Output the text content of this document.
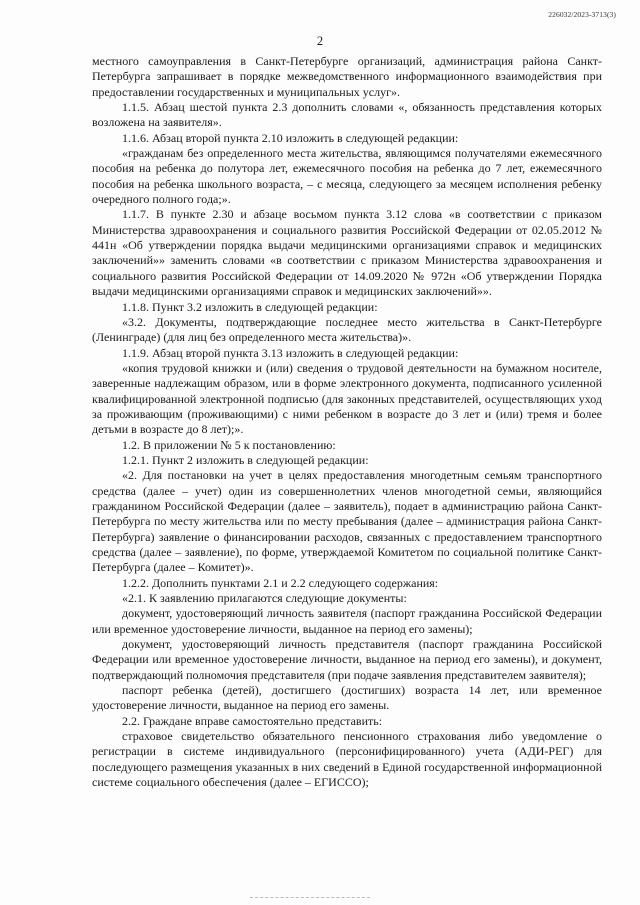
226032/2023-3713(3)
2

местного самоуправления в Санкт-Петербурге организаций, администрация района Санкт-Петербурга запрашивает в порядке межведомственного информационного взаимодействия при предоставлении государственных и муниципальных услуг».

1.1.5. Абзац шестой пункта 2.3 дополнить словами «, обязанность представления которых возложена на заявителя».

1.1.6. Абзац второй пункта 2.10 изложить в следующей редакции:

«гражданам без определенного места жительства, являющимся получателями ежемесячного пособия на ребенка до полутора лет, ежемесячного пособия на ребенка до 7 лет, ежемесячного пособия на ребенка школьного возраста, – с месяца, следующего за месяцем исполнения ребенку очередного полного года;».

1.1.7. В пункте 2.30 и абзаце восьмом пункта 3.12 слова «в соответствии с приказом Министерства здравоохранения и социального развития Российской Федерации от 02.05.2012 № 441н «Об утверждении порядка выдачи медицинскими организациями справок и медицинских заключений»» заменить словами «в соответствии с приказом Министерства здравоохранения и социального развития Российской Федерации от 14.09.2020 № 972н «Об утверждении Порядка выдачи медицинскими организациями справок и медицинских заключений»».

1.1.8. Пункт 3.2 изложить в следующей редакции:

«3.2. Документы, подтверждающие последнее место жительства в Санкт-Петербурге (Ленинграде) (для лиц без определенного места жительства)».

1.1.9. Абзац второй пункта 3.13 изложить в следующей редакции:

«копия трудовой книжки и (или) сведения о трудовой деятельности на бумажном носителе, заверенные надлежащим образом, или в форме электронного документа, подписанного усиленной квалифицированной электронной подписью (для законных представителей, осуществляющих уход за проживающим (проживающими) с ними ребенком в возрасте до 3 лет и (или) тремя и более детьми в возрасте до 8 лет);».

1.2. В приложении № 5 к постановлению:

1.2.1. Пункт 2 изложить в следующей редакции:

«2. Для постановки на учет в целях предоставления многодетным семьям транспортного средства (далее – учет) один из совершеннолетних членов многодетной семьи, являющийся гражданином Российской Федерации (далее – заявитель), подает в администрацию района Санкт-Петербурга по месту жительства или по месту пребывания (далее – администрация района Санкт-Петербурга) заявление о финансировании расходов, связанных с предоставлением транспортного средства (далее – заявление), по форме, утверждаемой Комитетом по социальной политике Санкт-Петербурга (далее – Комитет)».

1.2.2. Дополнить пунктами 2.1 и 2.2 следующего содержания:

«2.1. К заявлению прилагаются следующие документы:

документ, удостоверяющий личность заявителя (паспорт гражданина Российской Федерации или временное удостоверение личности, выданное на период его замены);

документ, удостоверяющий личность представителя (паспорт гражданина Российской Федерации или временное удостоверение личности, выданное на период его замены), и документ, подтверждающий полномочия представителя (при подаче заявления представителем заявителя);

паспорт ребенка (детей), достигшего (достигших) возраста 14 лет, или временное удостоверение личности, выданное на период его замены.

2.2. Граждане вправе самостоятельно представить:

страховое свидетельство обязательного пенсионного страхования либо уведомление о регистрации в системе индивидуального (персонифицированного) учета (АДИ-РЕГ) для последующего размещения указанных в них сведений в Единой государственной информационной системе социального обеспечения (далее – ЕГИССО);
